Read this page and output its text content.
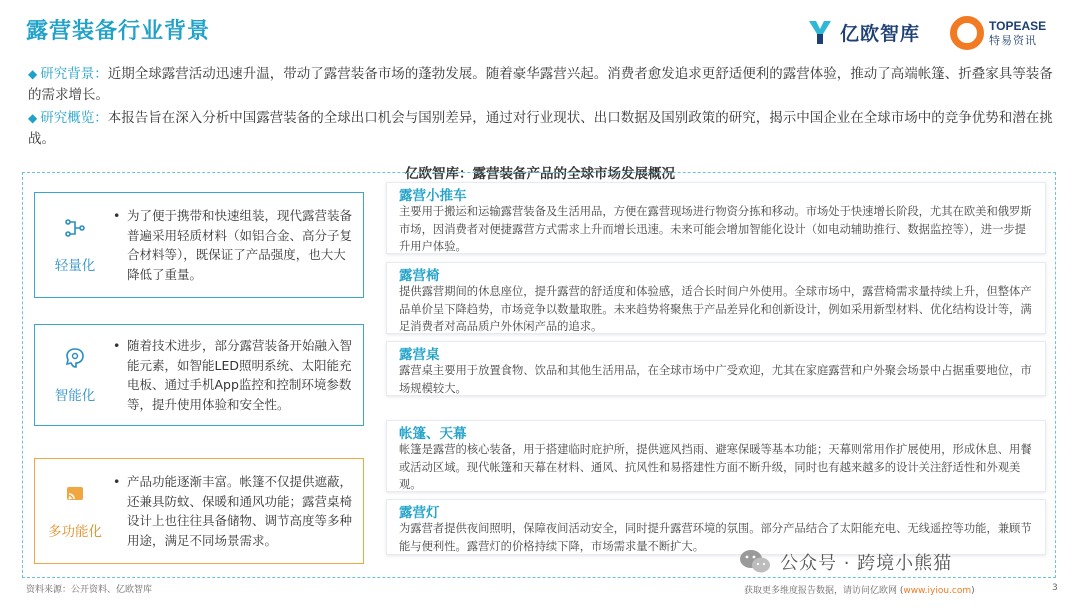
露营装备行业背景	亿欧智库	TOPEASE
特易资讯
◆ 研究背景：近期全球露营活动迅速升温，带动了露营装备市场的蓬勃发展。随着豪华露营兴起。消费者愈发追求更舒适便利的露营体验，推动了高端帐篷、折叠家具等装备的需求增长。
◆ 研究概览：本报告旨在深入分析中国露营装备的全球出口机会与国别差异，通过对行业现状、出口数据及国别政策的研究，揭示中国企业在全球市场中的竞争优势和潜在挑战。
亿欧智库：露营装备产品的全球市场发展概况
轻量化

• 为了便于携带和快速组装，现代露营装备普遍采用轻质材料（如铝合金、高分子复合材料等），既保证了产品强度，也大大降低了重量。

智能化

• 随着技术进步，部分露营装备开始融入智能元素，如智能LED照明系统、太阳能充电板、通过手机App监控和控制环境参数等，提升使用体验和安全性。

多功能化

• 产品功能逐渐丰富。帐篷不仅提供遮蔽，还兼具防蚊、保暖和通风功能；露营桌椅设计上也往往具备储物、调节高度等多种用途，满足不同场景需求。

露营小推车
主要用于搬运和运输露营装备及生活用品，方便在露营现场进行物资分拣和移动。市场处于快速增长阶段，尤其在欧美和俄罗斯市场，因消费者对便捷露营方式需求上升而增长迅速。未来可能会增加智能化设计（如电动辅助推行、数据监控等），进一步提升用户体验。
露营椅
提供露营期间的休息座位，提升露营的舒适度和体验感，适合长时间户外使用。全球市场中，露营椅需求量持续上升，但整体产品单价呈下降趋势，市场竞争以数量取胜。未来趋势将聚焦于产品差异化和创新设计，例如采用新型材料、优化结构设计等，满足消费者对高品质户外休闲产品的追求。
露营桌
露营桌主要用于放置食物、饮品和其他生活用品，在全球市场中广受欢迎，尤其在家庭露营和户外聚会场景中占据重要地位，市场规模较大。
帐篷、天幕
帐篷是露营的核心装备，用于搭建临时庇护所，提供遮风挡雨、避寒保暖等基本功能；天幕则常用作扩展使用，形成休息、用餐或活动区域。现代帐篷和天幕在材料、通风、抗风性和易搭建性方面不断升级，同时也有越来越多的设计关注舒适性和外观美观。
露营灯
为露营者提供夜间照明，保障夜间活动安全，同时提升露营环境的氛围。部分产品结合了太阳能充电、无线遥控等功能，兼顾节能与便利性。露营灯的价格持续下降，市场需求量不断扩大。
公众号 · 跨境小熊猫
资料来源：公开资料、亿欧智库	获取更多维度报告数据，请访问亿欧网 (www.iyiou.com)	3
